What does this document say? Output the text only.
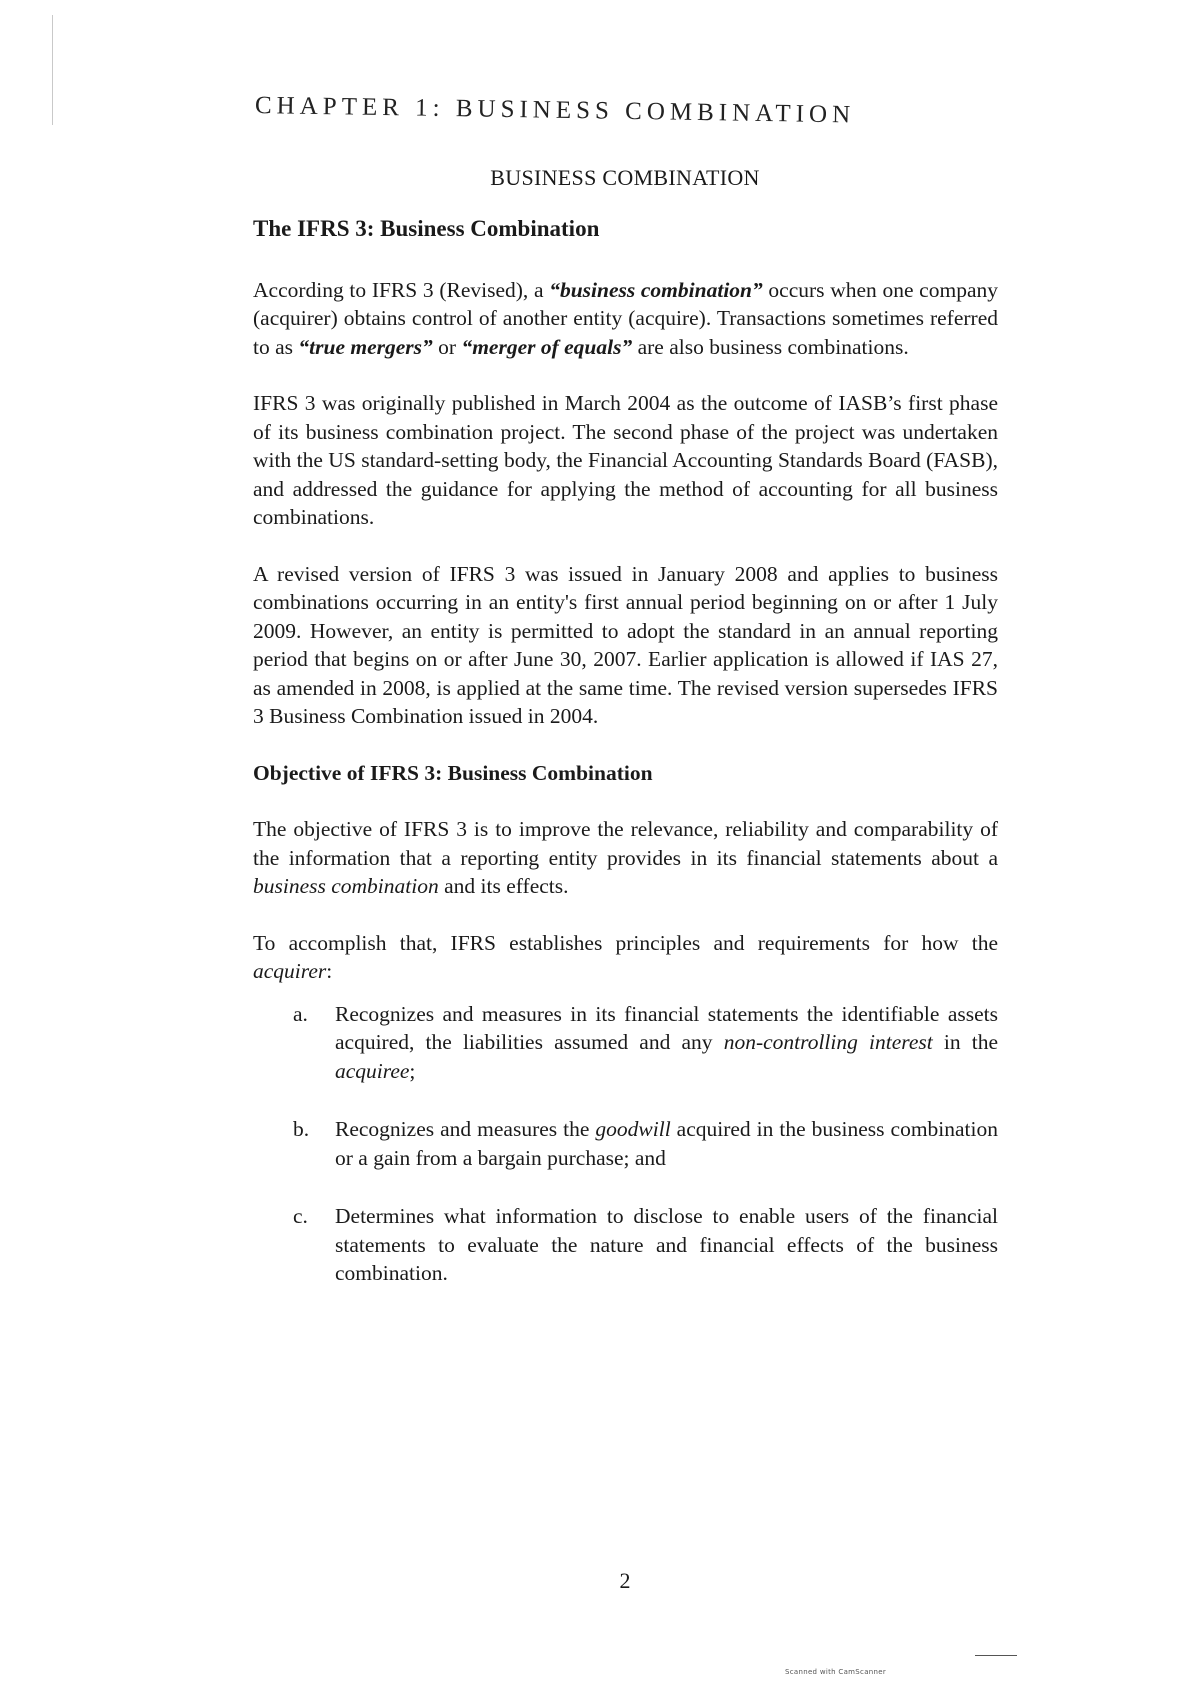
CHAPTER 1: BUSINESS COMBINATION
BUSINESS COMBINATION

The IFRS 3: Business Combination

According to IFRS 3 (Revised), a “business combination” occurs when one company (acquirer) obtains control of another entity (acquire). Transactions sometimes referred to as “true mergers” or “merger of equals” are also business combinations.

IFRS 3 was originally published in March 2004 as the outcome of IASB’s first phase of its business combination project. The second phase of the project was undertaken with the US standard-setting body, the Financial Accounting Standards Board (FASB), and addressed the guidance for applying the method of accounting for all business combinations.

A revised version of IFRS 3 was issued in January 2008 and applies to business combinations occurring in an entity's first annual period beginning on or after 1 July 2009. However, an entity is permitted to adopt the standard in an annual reporting period that begins on or after June 30, 2007. Earlier application is allowed if IAS 27, as amended in 2008, is applied at the same time. The revised version supersedes IFRS 3 Business Combination issued in 2004.

Objective of IFRS 3: Business Combination

The objective of IFRS 3 is to improve the relevance, reliability and comparability of the information that a reporting entity provides in its financial statements about a business combination and its effects.

To accomplish that, IFRS establishes principles and requirements for how the acquirer:

a.	Recognizes and measures in its financial statements the identifiable assets acquired, the liabilities assumed and any non-controlling interest in the acquiree;
b.	Recognizes and measures the goodwill acquired in the business combination or a gain from a bargain purchase; and
c.	Determines what information to disclose to enable users of the financial statements to evaluate the nature and financial effects of the business combination.
2
Scanned with CamScanner
